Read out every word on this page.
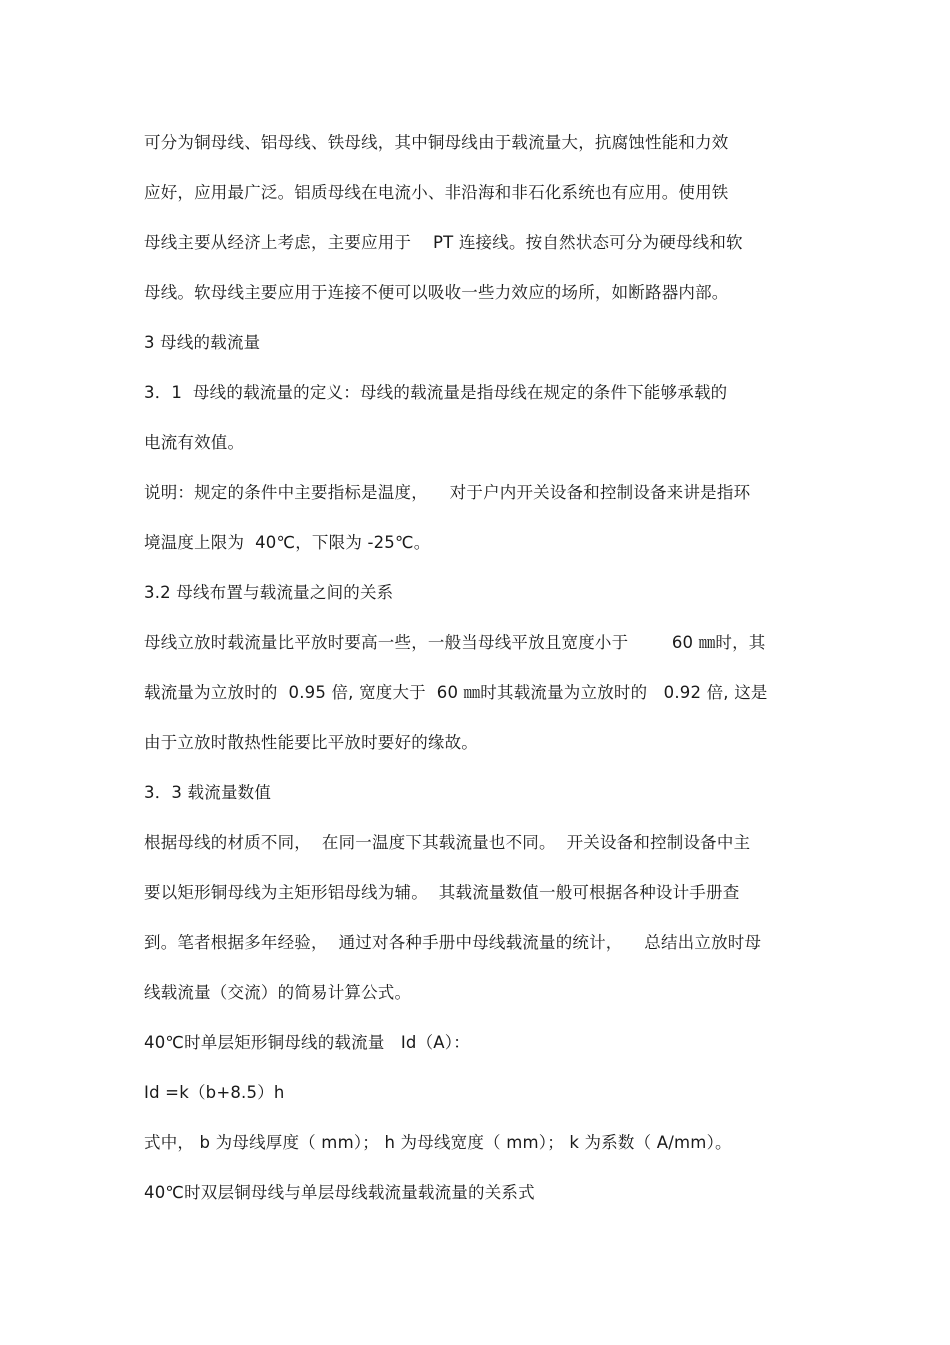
可分为铜母线、铝母线、铁母线，其中铜母线由于载流量大，抗腐蚀性能和力效
应好，应用最广泛。铝质母线在电流小、非沿海和非石化系统也有应用。使用铁
母线主要从经济上考虑，主要应用于    PT 连接线。按自然状态可分为硬母线和软
母线。软母线主要应用于连接不便可以吸收一些力效应的场所，如断路器内部。
3 母线的载流量
3．1  母线的载流量的定义：母线的载流量是指母线在规定的条件下能够承载的
电流有效值。
说明：规定的条件中主要指标是温度，    对于户内开关设备和控制设备来讲是指环
境温度上限为  40℃，下限为 -25℃。
3.2 母线布置与载流量之间的关系
母线立放时载流量比平放时要高一些，一般当母线平放且宽度小于        60 ㎜时，其
载流量为立放时的  0.95 倍, 宽度大于  60 ㎜时其载流量为立放时的   0.92 倍, 这是
由于立放时散热性能要比平放时要好的缘故。
3．3 载流量数值
根据母线的材质不同，  在同一温度下其载流量也不同。  开关设备和控制设备中主
要以矩形铜母线为主矩形铝母线为辅。  其载流量数值一般可根据各种设计手册查
到。笔者根据多年经验，  通过对各种手册中母线载流量的统计，    总结出立放时母
线载流量（交流）的简易计算公式。
40℃时单层矩形铜母线的载流量   Id（A）：
Id =k（b+8.5）h
式中， b 为母线厚度（ mm）； h 为母线宽度（ mm）； k 为系数（ A/mm）。
40℃时双层铜母线与单层母线载流量载流量的关系式
